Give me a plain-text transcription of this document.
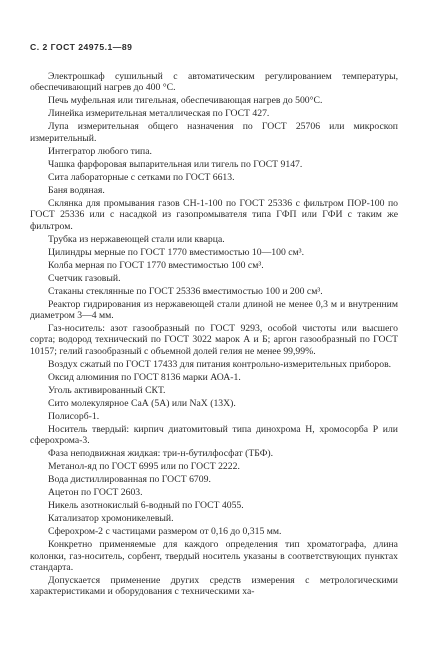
С. 2 ГОСТ 24975.1—89

Электрошкаф сушильный с автоматическим регулированием температуры, обеспечивающий нагрев до 400 °С.

Печь муфельная или тигельная, обеспечивающая нагрев до 500°С.

Линейка измерительная металлическая по ГОСТ 427.

Лупа измерительная общего назначения по ГОСТ 25706 или микроскоп измерительный.

Интегратор любого типа.

Чашка фарфоровая выпарительная или тигель по ГОСТ 9147.

Сита лабораторные с сетками по ГОСТ 6613.

Баня водяная.

Склянка для промывания газов СН-1-100 по ГОСТ 25336 с фильтром ПОР-100 по ГОСТ 25336 или с насадкой из газопромывателя типа ГФП или ГФИ с таким же фильтром.

Трубка из нержавеющей стали или кварца.

Цилиндры мерные по ГОСТ 1770 вместимостью 10—100 см³.

Колба мерная по ГОСТ 1770 вместимостью 100 см³.

Счетчик газовый.

Стаканы стеклянные по ГОСТ 25336 вместимостью 100 и 200 см³.

Реактор гидрирования из нержавеющей стали длиной не менее 0,3 м и внутренним диаметром 3—4 мм.

Газ-носитель: азот газообразный по ГОСТ 9293, особой чистоты или высшего сорта; водород технический по ГОСТ 3022 марок А и Б; аргон газообразный по ГОСТ 10157; гелий газообразный с объемной долей гелия не менее 99,99%.

Воздух сжатый по ГОСТ 17433 для питания контрольно-измерительных приборов.

Оксид алюминия по ГОСТ 8136 марки АОА-1.

Уголь активированный СКТ.

Сито молекулярное СаА (5А) или NaX (13Х).

Полисорб-1.

Носитель твердый: кирпич диатомитовый типа динохрома Н, хромосорба Р или сферохрома-3.

Фаза неподвижная жидкая: три-н-бутилфосфат (ТБФ).

Метанол-яд по ГОСТ 6995 или по ГОСТ 2222.

Вода дистиллированная по ГОСТ 6709.

Ацетон по ГОСТ 2603.

Никель азотнокислый 6-водный по ГОСТ 4055.

Катализатор хромоникелевый.

Сферохром-2 с частицами размером от 0,16 до 0,315 мм.

Конкретно применяемые для каждого определения тип хроматографа, длина колонки, газ-носитель, сорбент, твердый носитель указаны в соответствующих пунктах стандарта.

Допускается применение других средств измерения с метрологическими характеристиками и оборудования с техническими ха-
